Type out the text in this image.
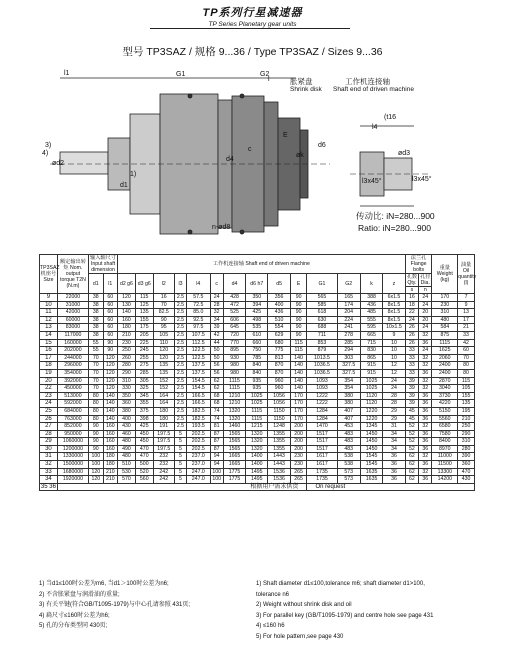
TP系列行星减速器
TP Series Planetary gear units
型号 TP3SAZ / 规格 9...36 / Type TP3SAZ / Sizes 9...36
l1	G1	G2
l	胀紧盘
Shrink disk
工作机连接轴
Shaft end of driven machine
(t16
l4
l3x45°	l3x45°
E
c
d4
øk
d6
ød3
ød2
3)
4)
d1
1)
n-ød8
传动比: iN=280...900
Ratio: iN=280...900
TP3SAZ 机座号 Size	额定输出转矩 Nom. output torque T2N (N.m)	输入轴尺寸 Input shaft dimension		工作机连接轴 Shaft end of driven machine														法兰孔 Flange bolts		重量 Weight (kg)	油量 Oil quantity (l)
		d1	l1	d2 g6	d3 g6	l2	l3	l4	c	d4	d6 h7	d5	E	G1	G2	k	z	孔数 Qty.	孔径 Dia.		
																		s	n		
9	22000	38	60	120	115	16	2.5	57.5	24	428	350	356	90	565	165	388	6x1.5	16	24	170	7
10	31000	38	60	130	125	70	2.5	72.5	28	472	394	400	90	585	174	436	8x1.5	18	24	230	9
11	42000	38	60	140	135	82.5	2.5	85.0	32	525	425	436	90	618	204	485	8x1.5	22	20	310	13
12	60000	38	60	160	155	90	2.5	92.5	34	606	498	510	90	630	224	555	8x1.5	24	20	480	17
13	83000	38	60	180	175	95	2.5	97.5	39	645	535	554	90	688	241	595	10x1.5	26	24	584	21
14	117000	38	60	210	205	105	2.5	107.5	42	720	610	629	90	711	278	665	9	26	32	875	33
15	160000	55	90	230	225	110	2.5	112.5	44	770	660	680	115	853	285	715	10	26	36	1115	42
16	202000	55	90	250	245	120	2.5	122.5	50	895	750	775	115	879	294	830	10	33	24	1625	60
17	244000	70	120	260	255	120	2.5	122.5	50	930	785	813	140	1013.5	303	865	10	33	32	2060	70
18	296000	70	120	280	275	135	2.5	137.5	56	980	840	870	140	1036.5	327.5	915	12	33	32	2400	80
19	354000	70	120	290	285	135	2.5	137.5	56	980	840	870	140	1036.5	327.5	915	12	33	36	2400	80
20	392000	70	120	310	305	152	2.5	154.5	62	1115	935	960	140	1093	354	1025	24	39	32	2870	115
22	450000	70	120	330	325	152	2.5	154.5	62	1115	935	960	140	1093	354	1025	24	39	32	3040	105
23	513000	80	140	350	345	164	2.5	166.5	68	1210	1025	1056	170	1222	380	1120	28	39	36	3730	155
24	592000	80	140	360	355	164	2.5	166.5	68	1210	1025	1056	170	1222	380	1120	28	39	36	4220	135
25	684000	80	140	380	375	180	2.5	182.5	74	1320	1115	1150	170	1284	407	1220	29	45	36	5150	195
26	763000	80	140	400	398	180	2.5	182.5	74	1320	1115	1150	170	1284	407	1220	29	45	36	5560	210
27	852000	90	160	430	425	191	2.5	193.5	81	1460	1215	1248	200	1470	453	1345	31	52	32	6580	250
28	950000	90	160	460	450	197.5	5	202.5	87	1565	1320	1355	200	1517	483	1450	34	52	36	7580	290
29	1060000	90	160	480	450	197.5	5	202.5	87	1565	1320	1355	200	1517	483	1450	34	52	36	8400	310
30	1200000	90	160	490	470	197.5	5	202.5	87	1565	1320	1355	200	1517	483	1450	34	52	36	8970	280
31	1330000	100	180	480	470	232	5	237.0	94	1665	1400	1443	230	1617	538	1545	36	62	32	11000	390
32	1500000	100	180	510	500	232	5	237.0	94	1665	1400	1443	230	1617	538	1545	36	62	36	11500	360
33	1680000	120	210	530	520	242	5	247.0	100	1775	1495	1536	265	1735	573	1635	36	62	32	13300	470
34	1920000	120	210	570	560	242	5	247.0	100	1775	1495	1536	265	1735	573	1635	36	62	36	14200	430
35 36	根据用户需求供货													On request							
1) 当d1≤100时公差为m6, 当d1＞100时公差为n6;
2) 不含胀紧盘与润滑油的重量;
3) 有关平键(符合GB/T1095-1979)与中心孔请参照 431页;
4) 扁尺寸≤160时公差为h6;
5) 孔的分布类型同 430页;
1) Shaft diameter d1≤100,tolerance m6; shaft diameter d1>100,
tolerance n6
2) Weight without shrink disk and oil
3) For parallel key (GB/T1095-1979) and centre hole see page 431
4) ≤160 h6
5) For hole pattern,see page 430
